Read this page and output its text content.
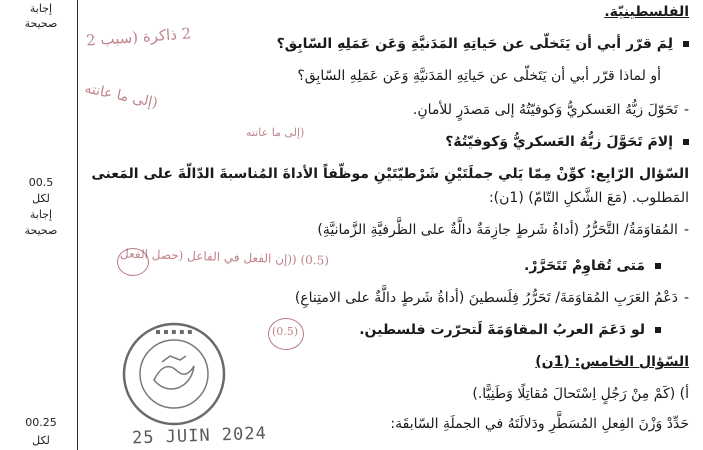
إجابة
صحيحة
00.5
لكل
إجابة
صحيحة
00.25
لكل
2 ذاكرة (سبب 2
(إلى ما عانته
(إلى ما عانته
(0.5) ((إن الفعل في الفاعل (حصل الفعل
(0.5)
▪ ▪ ▪ ▪ ▪
25 JUIN 2024
الفلسطينيّة.
لِمَ قرّر أبي أن يَتَخلّى عن حَياتِهِ المَدَنيَّةِ وَعَن عَمَلِهِ السّابِق؟
أو لماذا قرّر أبي أن يَتَخلّى عن حَياتِهِ المَدَنيَّةِ وَعَن عَمَلِهِ السّابِق؟
-تَحَوّلَ زيُّهُ العَسكريُّ وَكوفيّتُهُ إلى مَصدَرٍ للأمانِ.
إلامَ تَحَوَّلَ زيُّهُ العَسكريُّ وَكوفيّتُهُ؟
السّؤال الرّابِع: كوِّنْ مِمّا يَلي جملَتَيْنِ شَرْطيّتَيْنِ موظّفاً الأداةَ المُناسبةَ الدّالّةَ على المَعنى
المَطلوب. (مَعَ الشَّكلِ التّامّ) (1ن):
-المُقاوَمَةُ/ التَّحَرُّرُ (أداةُ شَرطٍ جازِمَةٌ دالَّةٌ على الظَّرفيَّةِ الزَّمانيَّةِ)
مَتى تُقاوِمْ تَتَحَرَّرْ.
-دَعْمُ العَرَبِ المُقاوَمَةَ/ تَحَرُّرُ فِلَسطينَ (أداةُ شَرطٍ دالَّةٌ على الامتِناعِ)
لو دَعَمَ العربُ المقاوَمَةَ لَتحرّرت فلسطين.
السّؤال الخامس: (1ن)
أ) (كَمْ مِنْ رَجُلٍ اِسْتَحالَ مُقاتِلًا وَطَنِيًّا.)
حَدِّدْ وَزْنَ الفِعلِ المُسَطَّرِ ودَلالَتَهُ في الجملَةِ السّابقَة:
